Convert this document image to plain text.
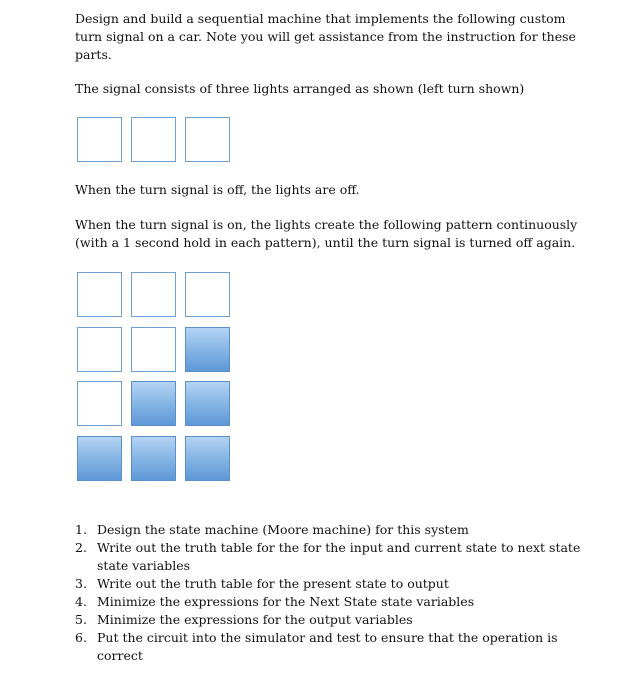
Design and build a sequential machine that implements the following custom turn signal on a car. Note you will get assistance from the instruction for these parts.

The signal consists of three lights arranged as shown (left turn shown)

When the turn signal is off, the lights are off.

When the turn signal is on, the lights create the following pattern continuously (with a 1 second hold in each pattern), until the turn signal is turned off again.

1. Design the state machine (Moore machine) for this system
2. Write out the truth table for the for the input and current state to next state state variables
3. Write out the truth table for the present state to output
4. Minimize the expressions for the Next State state variables
5. Minimize the expressions for the output variables
6. Put the circuit into the simulator and test to ensure that the operation is correct
